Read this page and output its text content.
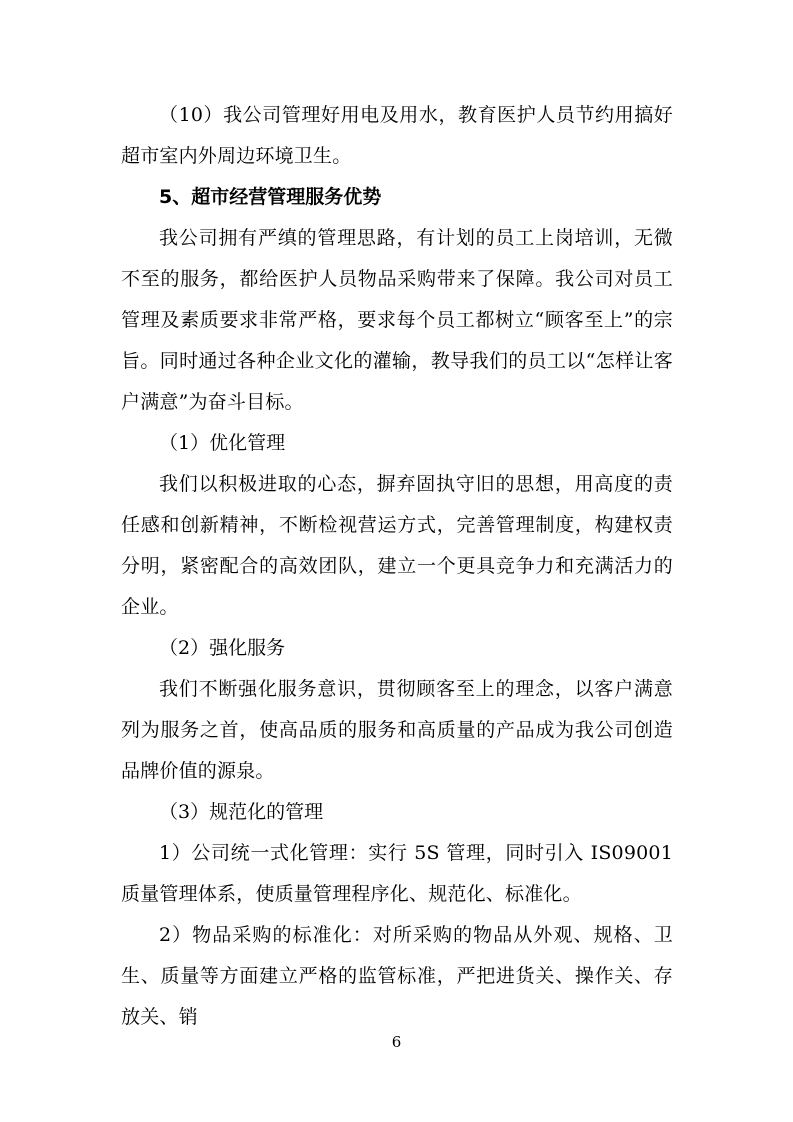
（10）我公司管理好用电及用水，教育医护人员节约用搞好超市室内外周边环境卫生。

5、超市经营管理服务优势

我公司拥有严缜的管理思路，有计划的员工上岗培训，无微不至的服务，都给医护人员物品采购带来了保障。我公司对员工管理及素质要求非常严格，要求每个员工都树立“顾客至上”的宗旨。同时通过各种企业文化的灌输，教导我们的员工以“怎样让客户满意”为奋斗目标。

（1）优化管理

我们以积极进取的心态，摒弃固执守旧的思想，用高度的责任感和创新精神，不断检视营运方式，完善管理制度，构建权责分明，紧密配合的高效团队，建立一个更具竞争力和充满活力的企业。

（2）强化服务

我们不断强化服务意识，贯彻顾客至上的理念，以客户满意列为服务之首，使高品质的服务和高质量的产品成为我公司创造品牌价值的源泉。

（3）规范化的管理

1）公司统一式化管理：实行 5S 管理，同时引入 IS09001 质量管理体系，使质量管理程序化、规范化、标准化。

2）物品采购的标准化：对所采购的物品从外观、规格、卫生、质量等方面建立严格的监管标准，严把进货关、操作关、存放关、销

6
